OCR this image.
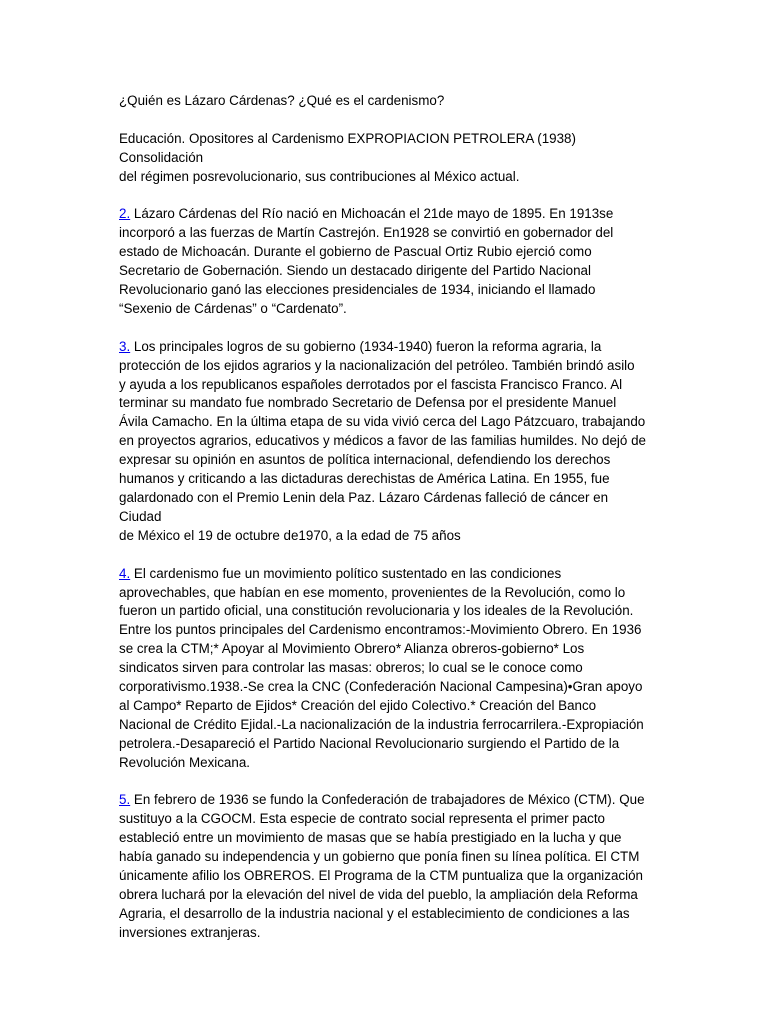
¿Quién es Lázaro Cárdenas? ¿Qué es el cardenismo?

Educación. Opositores al Cardenismo EXPROPIACION PETROLERA (1938) Consolidación
del régimen posrevolucionario, sus contribuciones al México actual.

2. Lázaro Cárdenas del Río nació en Michoacán el 21de mayo de 1895. En 1913se
incorporó a las fuerzas de Martín Castrejón. En1928 se convirtió en gobernador del
estado de Michoacán. Durante el gobierno de Pascual Ortiz Rubio ejerció como
Secretario de Gobernación. Siendo un destacado dirigente del Partido Nacional
Revolucionario ganó las elecciones presidenciales de 1934, iniciando el llamado
“Sexenio de Cárdenas” o “Cardenato”.

3. Los principales logros de su gobierno (1934-1940) fueron la reforma agraria, la
protección de los ejidos agrarios y la nacionalización del petróleo. También brindó asilo
y ayuda a los republicanos españoles derrotados por el fascista Francisco Franco. Al
terminar su mandato fue nombrado Secretario de Defensa por el presidente Manuel
Ávila Camacho. En la última etapa de su vida vivió cerca del Lago Pátzcuaro, trabajando
en proyectos agrarios, educativos y médicos a favor de las familias humildes. No dejó de
expresar su opinión en asuntos de política internacional, defendiendo los derechos
humanos y criticando a las dictaduras derechistas de América Latina. En 1955, fue
galardonado con el Premio Lenin dela Paz. Lázaro Cárdenas falleció de cáncer en Ciudad
de México el 19 de octubre de1970, a la edad de 75 años

4. El cardenismo fue un movimiento político sustentado en las condiciones
aprovechables, que habían en ese momento, provenientes de la Revolución, como lo
fueron un partido oficial, una constitución revolucionaria y los ideales de la Revolución.
Entre los puntos principales del Cardenismo encontramos:-Movimiento Obrero. En 1936
se crea la CTM;* Apoyar al Movimiento Obrero* Alianza obreros-gobierno* Los
sindicatos sirven para controlar las masas: obreros; lo cual se le conoce como
corporativismo.1938.-Se crea la CNC (Confederación Nacional Campesina)•Gran apoyo
al Campo* Reparto de Ejidos* Creación del ejido Colectivo.* Creación del Banco
Nacional de Crédito Ejidal.-La nacionalización de la industria ferrocarrilera.-Expropiación
petrolera.-Desapareció el Partido Nacional Revolucionario surgiendo el Partido de la
Revolución Mexicana.

5. En febrero de 1936 se fundo la Confederación de trabajadores de México (CTM). Que
sustituyo a la CGOCM. Esta especie de contrato social representa el primer pacto
estableció entre un movimiento de masas que se había prestigiado en la lucha y que
había ganado su independencia y un gobierno que ponía finen su línea política. El CTM
únicamente afilio los OBREROS. El Programa de la CTM puntualiza que la organización
obrera luchará por la elevación del nivel de vida del pueblo, la ampliación dela Reforma
Agraria, el desarrollo de la industria nacional y el establecimiento de condiciones a las
inversiones extranjeras.
